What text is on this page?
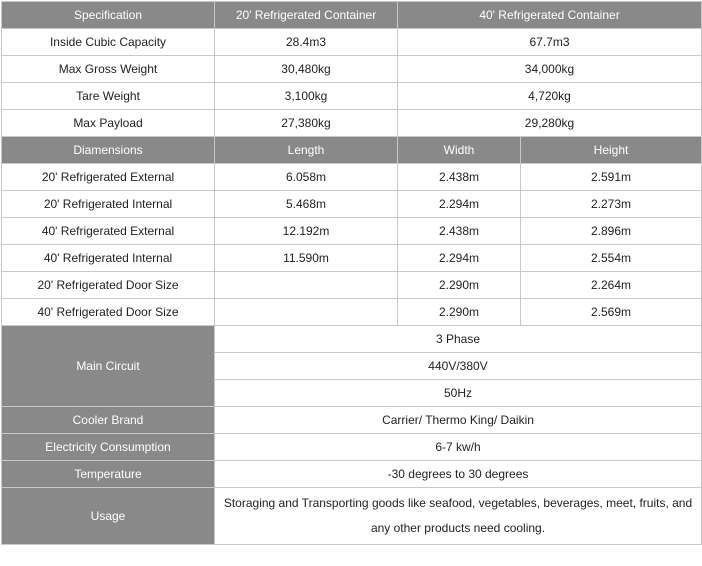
Specification	20' Refrigerated Container	40' Refrigerated Container	
Inside Cubic Capacity	28.4m3	67.7m3	
Max Gross Weight	30,480kg	34,000kg	
Tare Weight	3,100kg	4,720kg	
Max Payload	27,380kg	29,280kg	
Diamensions	Length	Width	Height
20' Refrigerated External	6.058m	2.438m	2.591m
20' Refrigerated Internal	5.468m	2.294m	2.273m
40' Refrigerated External	12.192m	2.438m	2.896m
40' Refrigerated Internal	11.590m	2.294m	2.554m
20' Refrigerated Door Size		2.290m	2.264m
40' Refrigerated Door Size		2.290m	2.569m
Main Circuit	3 Phase		
	440V/380V		
	50Hz		
Cooler Brand	Carrier/ Thermo King/ Daikin		
Electricity Consumption	6-7 kw/h		
Temperature	-30 degrees to 30 degrees		
Usage	Storaging and Transporting goods like seafood, vegetables, beverages, meet, fruits, and any other products need cooling.		
